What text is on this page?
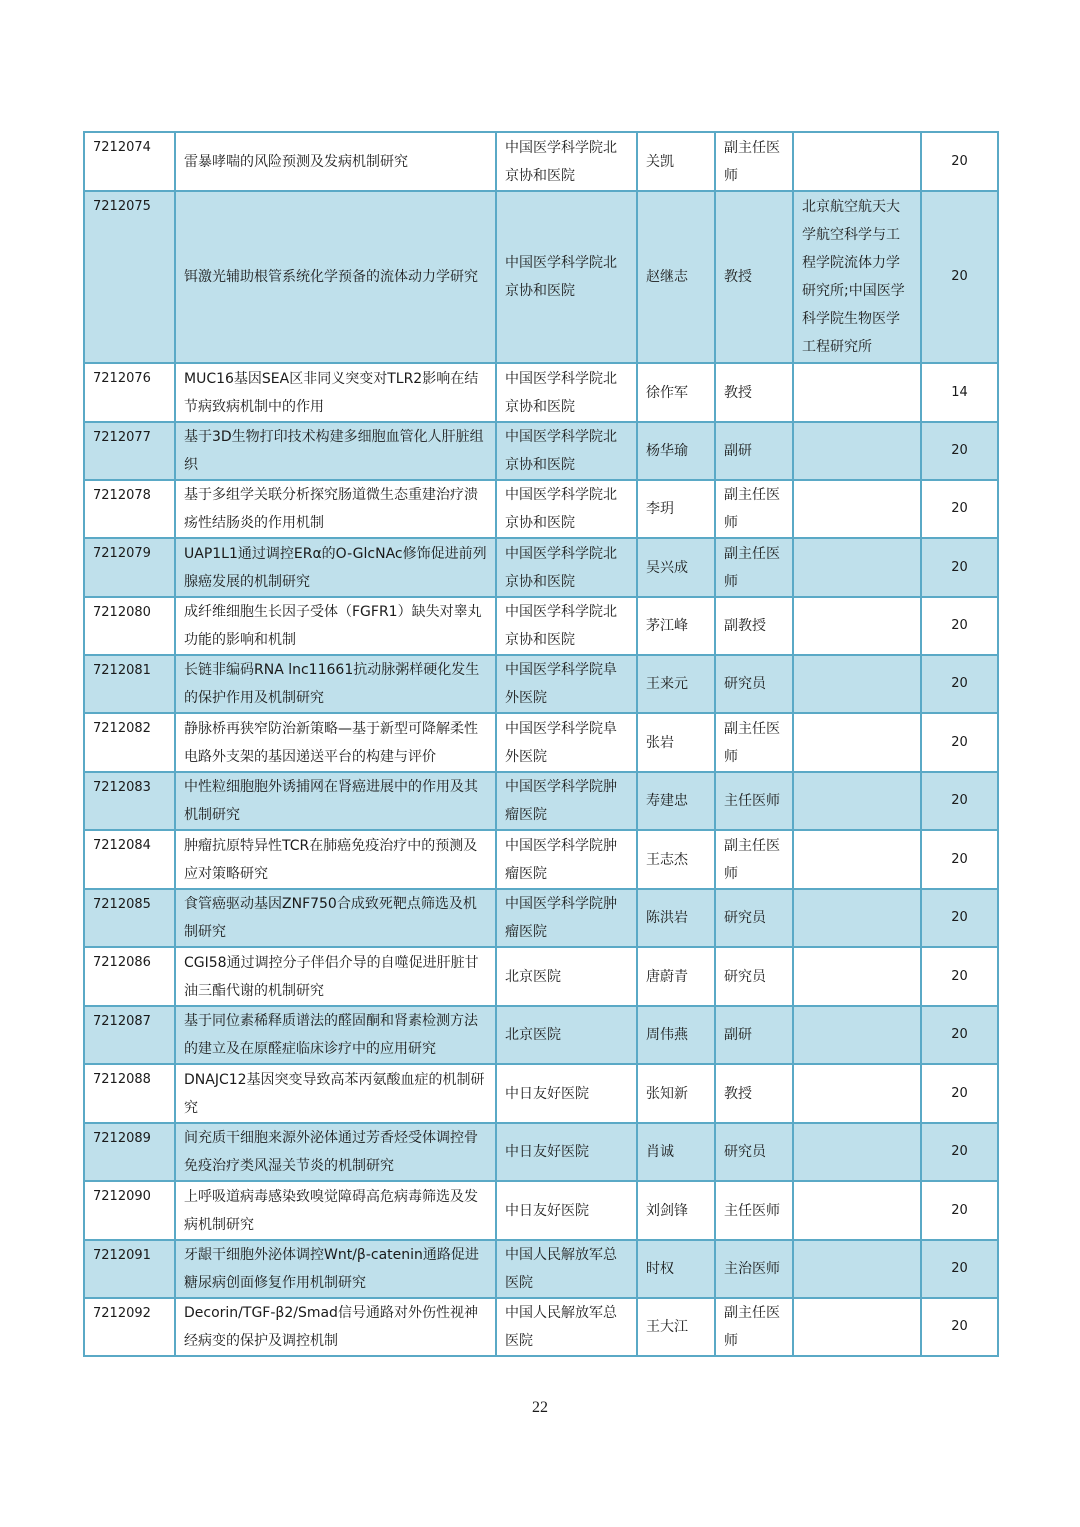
7212074	雷暴哮喘的风险预测及发病机制研究	中国医学科学院北京协和医院	关凯	副主任医师		20
7212075	铒激光辅助根管系统化学预备的流体动力学研究	中国医学科学院北京协和医院	赵继志	教授	北京航空航天大学航空科学与工程学院流体力学研究所;中国医学科学院生物医学工程研究所	20
7212076	MUC16基因SEA区非同义突变对TLR2影响在结节病致病机制中的作用	中国医学科学院北京协和医院	徐作军	教授		14
7212077	基于3D生物打印技术构建多细胞血管化人肝脏组织	中国医学科学院北京协和医院	杨华瑜	副研		20
7212078	基于多组学关联分析探究肠道微生态重建治疗溃疡性结肠炎的作用机制	中国医学科学院北京协和医院	李玥	副主任医师		20
7212079	UAP1L1通过调控ERα的O-GlcNAc修饰促进前列腺癌发展的机制研究	中国医学科学院北京协和医院	吴兴成	副主任医师		20
7212080	成纤维细胞生长因子受体（FGFR1）缺失对睾丸功能的影响和机制	中国医学科学院北京协和医院	茅江峰	副教授		20
7212081	长链非编码RNA lnc11661抗动脉粥样硬化发生的保护作用及机制研究	中国医学科学院阜外医院	王来元	研究员		20
7212082	静脉桥再狭窄防治新策略—基于新型可降解柔性电路外支架的基因递送平台的构建与评价	中国医学科学院阜外医院	张岩	副主任医师		20
7212083	中性粒细胞胞外诱捕网在肾癌进展中的作用及其机制研究	中国医学科学院肿瘤医院	寿建忠	主任医师		20
7212084	肿瘤抗原特异性TCR在肺癌免疫治疗中的预测及应对策略研究	中国医学科学院肿瘤医院	王志杰	副主任医师		20
7212085	食管癌驱动基因ZNF750合成致死靶点筛选及机制研究	中国医学科学院肿瘤医院	陈洪岩	研究员		20
7212086	CGI58通过调控分子伴侣介导的自噬促进肝脏甘油三酯代谢的机制研究	北京医院	唐蔚青	研究员		20
7212087	基于同位素稀释质谱法的醛固酮和肾素检测方法的建立及在原醛症临床诊疗中的应用研究	北京医院	周伟燕	副研		20
7212088	DNAJC12基因突变导致高苯丙氨酸血症的机制研究	中日友好医院	张知新	教授		20
7212089	间充质干细胞来源外泌体通过芳香烃受体调控骨免疫治疗类风湿关节炎的机制研究	中日友好医院	肖诚	研究员		20
7212090	上呼吸道病毒感染致嗅觉障碍高危病毒筛选及发病机制研究	中日友好医院	刘剑锋	主任医师		20
7212091	牙龈干细胞外泌体调控Wnt/β-catenin通路促进糖尿病创面修复作用机制研究	中国人民解放军总医院	时权	主治医师		20
7212092	Decorin/TGF-β2/Smad信号通路对外伤性视神经病变的保护及调控机制	中国人民解放军总医院	王大江	副主任医师		20
22
